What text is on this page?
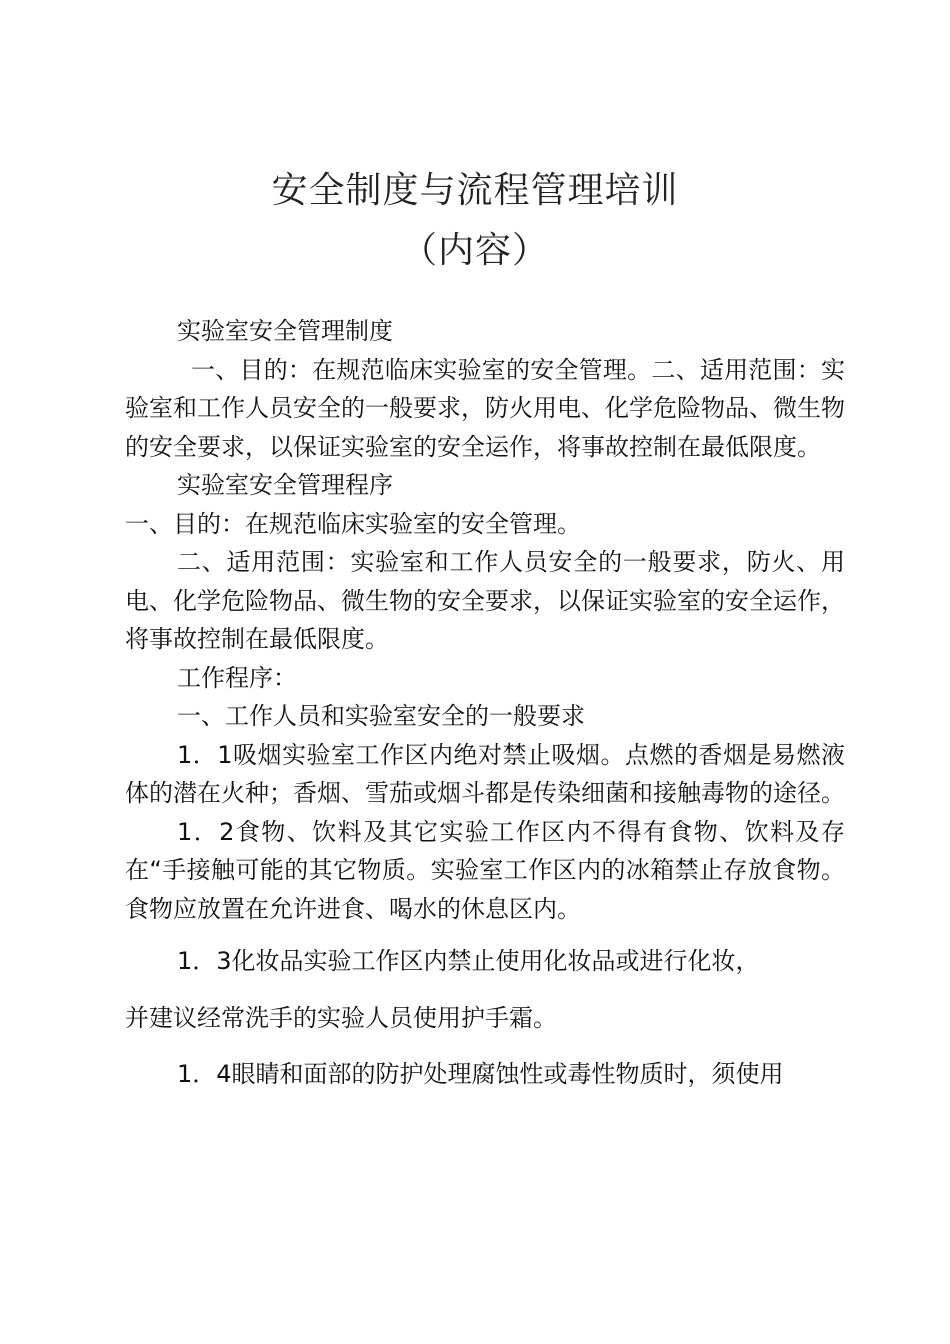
安全制度与流程管理培训
（内容）

实验室安全管理制度

一、目的：在规范临床实验室的安全管理。二、适用范围：实验室和工作人员安全的一般要求，防火用电、化学危险物品、微生物的安全要求，以保证实验室的安全运作，将事故控制在最低限度。

实验室安全管理程序

一、目的：在规范临床实验室的安全管理。

二、适用范围：实验室和工作人员安全的一般要求，防火、用电、化学危险物品、微生物的安全要求，以保证实验室的安全运作，将事故控制在最低限度。

工作程序：

一、工作人员和实验室安全的一般要求

1．1吸烟实验室工作区内绝对禁止吸烟。点燃的香烟是易燃液体的潜在火种；香烟、雪茄或烟斗都是传染细菌和接触毒物的途径。

1．2食物、饮料及其它实验工作区内不得有食物、饮料及存在“手接触可能的其它物质。实验室工作区内的冰箱禁止存放食物。食物应放置在允许进食、喝水的休息区内。

1．3化妆品实验工作区内禁止使用化妆品或进行化妆，

并建议经常洗手的实验人员使用护手霜。

1．4眼睛和面部的防护处理腐蚀性或毒性物质时，须使用
